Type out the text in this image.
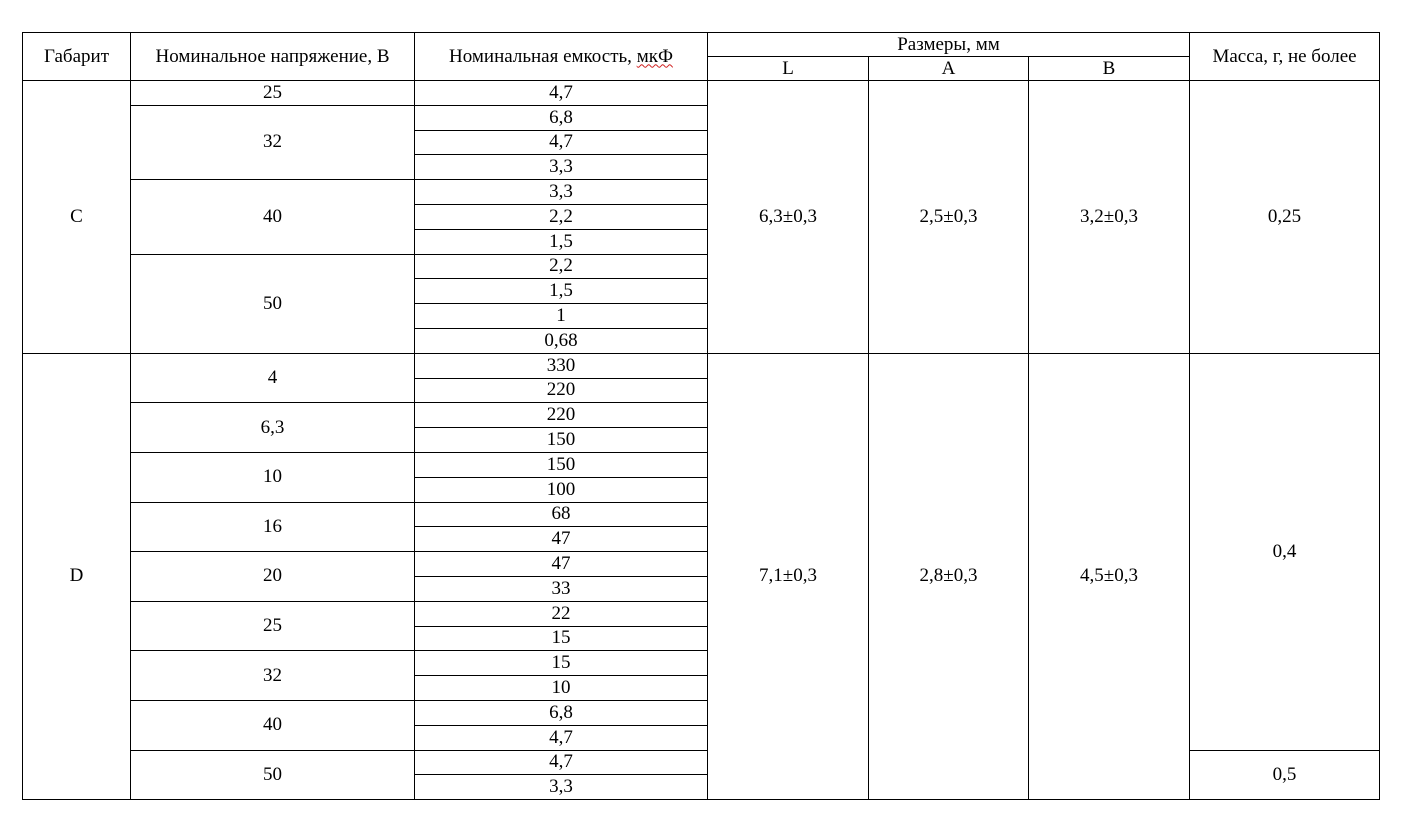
Габарит	Номинальное напряжение, В	Номинальная емкость, мкФ	Размеры, мм			Масса, г, не более
			L	A	B	
C	25	4,7	6,3±0,3	2,5±0,3	3,2±0,3	0,25
	32	6,8				
		4,7				
		3,3				
	40	3,3				
		2,2				
		1,5				
	50	2,2				
		1,5				
		1				
		0,68				
D	4	330	7,1±0,3	2,8±0,3	4,5±0,3	0,4
		220				
	6,3	220				
		150				
	10	150				
		100				
	16	68				
		47				
	20	47				
		33				
	25	22				
		15				
	32	15				
		10				
	40	6,8				
		4,7				
	50	4,7				0,5
		3,3				
